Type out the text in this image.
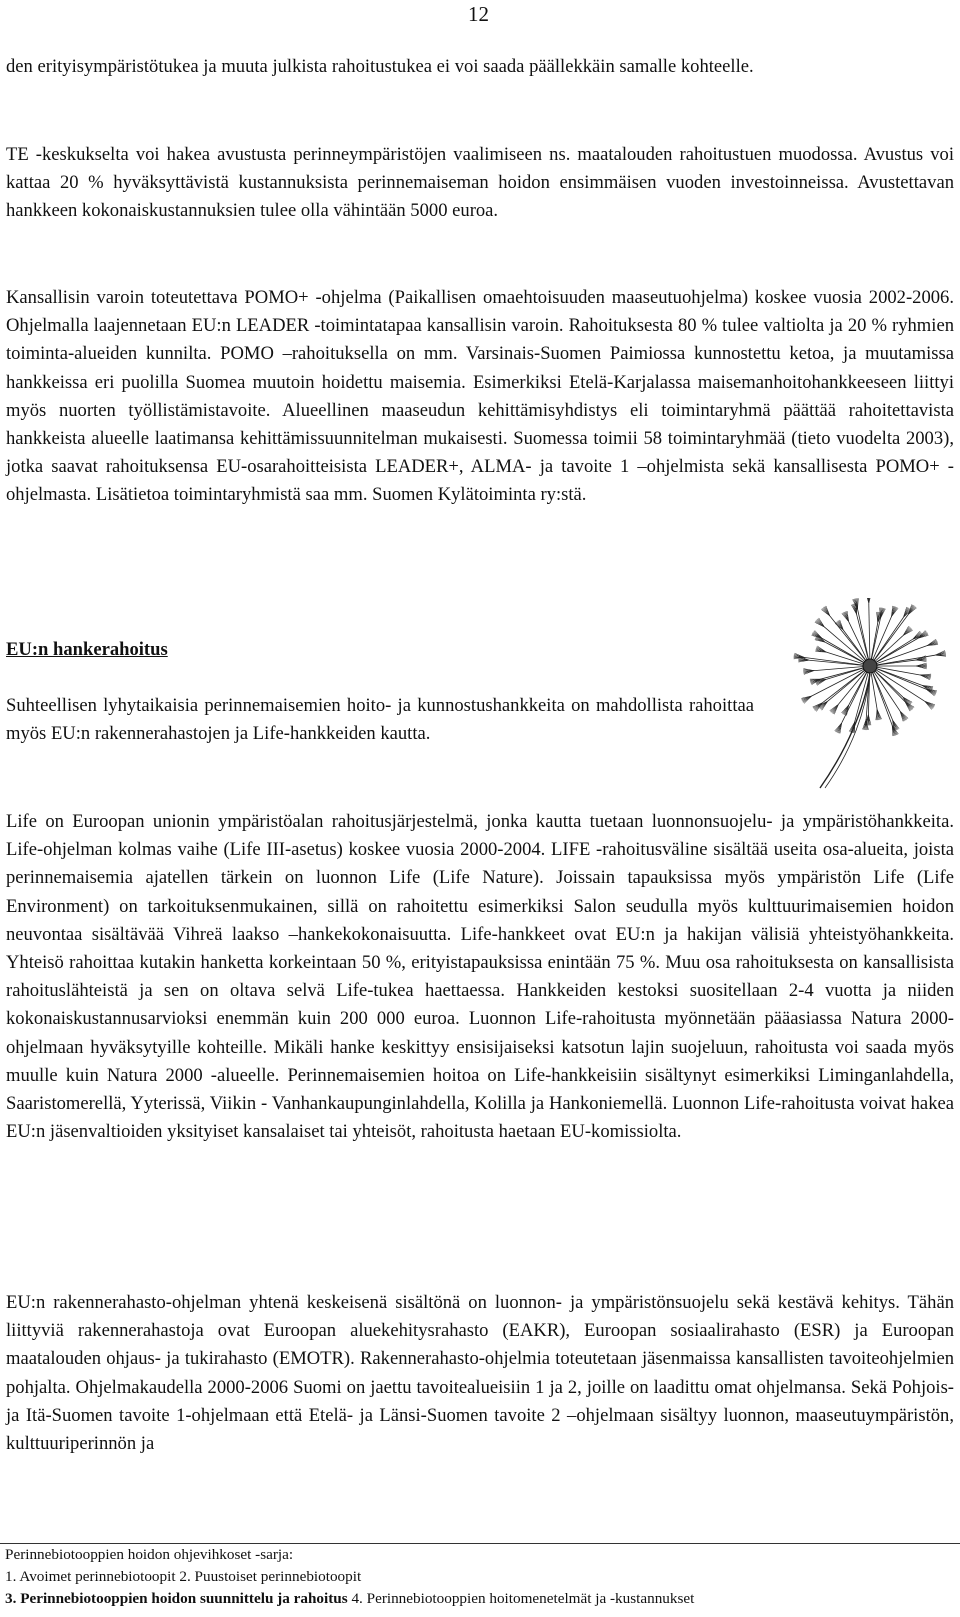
12

den erityisympäristötukea ja muuta julkista rahoitustukea ei voi saada päällekkäin samalle kohteelle.

TE -keskukselta voi hakea avustusta perinneympäristöjen vaalimiseen ns. maatalouden rahoitustuen muodossa. Avustus voi kattaa 20 % hyväksyttävistä kustannuksista perinnemaiseman hoidon ensimmäisen vuoden investoinneissa. Avustettavan hankkeen kokonaiskustannuksien tulee olla vähintään 5000 euroa.

Kansallisin varoin toteutettava POMO+ -ohjelma (Paikallisen omaehtoisuuden maaseutuohjelma) koskee vuosia 2002-2006. Ohjelmalla laajennetaan EU:n LEADER -toimintatapaa kansallisin varoin. Rahoituksesta 80 % tulee valtiolta ja 20 % ryhmien toiminta-alueiden kunnilta. POMO –rahoituksella on mm. Varsinais-Suomen Paimiossa kunnostettu ketoa, ja muutamissa hankkeissa eri puolilla Suomea muutoin hoidettu maisemia. Esimerkiksi Etelä-Karjalassa maisemanhoitohankkeeseen liittyi myös nuorten työllistämistavoite. Alueellinen maaseudun kehittämisyhdistys eli toimintaryhmä päättää rahoitettavista hankkeista alueelle laatimansa kehittämissuunnitelman mukaisesti. Suomessa toimii 58 toimintaryhmää (tieto vuodelta 2003), jotka saavat rahoituksensa EU-osarahoitteisista LEADER+, ALMA- ja tavoite 1 –ohjelmista sekä kansallisesta POMO+ -ohjelmasta. Lisätietoa toimintaryhmistä saa mm. Suomen Kylätoiminta ry:stä.

EU:n hankerahoitus

Suhteellisen lyhytaikaisia perinnemaisemien hoito- ja kunnostushankkeita on mahdollista rahoittaa myös EU:n rakennerahastojen ja Life-hankkeiden kautta.

Life on Euroopan unionin ympäristöalan rahoitusjärjestelmä, jonka kautta tuetaan luonnonsuojelu- ja ympäristöhankkeita. Life-ohjelman kolmas vaihe (Life III-asetus) koskee vuosia 2000-2004. LIFE -rahoitusväline sisältää useita osa-alueita, joista perinnemaisemia ajatellen tärkein on luonnon Life (Life Nature). Joissain tapauksissa myös ympäristön Life (Life Environment) on tarkoituksenmukainen, sillä on rahoitettu esimerkiksi Salon seudulla myös kulttuurimaisemien hoidon neuvontaa sisältävää Vihreä laakso –hankekokonaisuutta. Life-hankkeet ovat EU:n ja hakijan välisiä yhteistyöhankkeita. Yhteisö rahoittaa kutakin hanketta korkeintaan 50 %, erityistapauksissa enintään 75 %. Muu osa rahoituksesta on kansallisista rahoituslähteistä ja sen on oltava selvä Life-tukea haettaessa. Hankkeiden kestoksi suositellaan 2-4 vuotta ja niiden kokonaiskustannusarvioksi enemmän kuin 200 000 euroa. Luonnon Life-rahoitusta myönnetään pääasiassa Natura 2000-ohjelmaan hyväksytyille kohteille. Mikäli hanke keskittyy ensisijaiseksi katsotun lajin suojeluun, rahoitusta voi saada myös muulle kuin Natura 2000 -alueelle. Perinnemaisemien hoitoa on Life-hankkeisiin sisältynyt esimerkiksi Liminganlahdella, Saaristomerellä, Yyterissä, Viikin - Vanhankaupunginlahdella, Kolilla ja Hankoniemellä. Luonnon Life-rahoitusta voivat hakea EU:n jäsenvaltioiden yksityiset kansalaiset tai yhteisöt, rahoitusta haetaan EU-komissiolta.

EU:n rakennerahasto-ohjelman yhtenä keskeisenä sisältönä on luonnon- ja ympäristönsuojelu sekä kestävä kehitys. Tähän liittyviä rakennerahastoja ovat Euroopan aluekehitysrahasto (EAKR), Euroopan sosiaalirahasto (ESR) ja Euroopan maatalouden ohjaus- ja tukirahasto (EMOTR). Rakennerahasto-ohjelmia toteutetaan jäsenmaissa kansallisten tavoiteohjelmien pohjalta. Ohjelmakaudella 2000-2006 Suomi on jaettu tavoitealueisiin 1 ja 2, joille on laadittu omat ohjelmansa. Sekä Pohjois- ja Itä-Suomen tavoite 1-ohjelmaan että Etelä- ja Länsi-Suomen tavoite 2 –ohjelmaan sisältyy luonnon, maaseutuympäristön, kulttuuriperinnön ja

Perinnebiotooppien hoidon ohjevihkoset -sarja:
1. Avoimet perinnebiotoopit 2. Puustoiset perinnebiotoopit
3. Perinnebiotooppien hoidon suunnittelu ja rahoitus 4. Perinnebiotooppien hoitomenetelmät ja -kustannukset
